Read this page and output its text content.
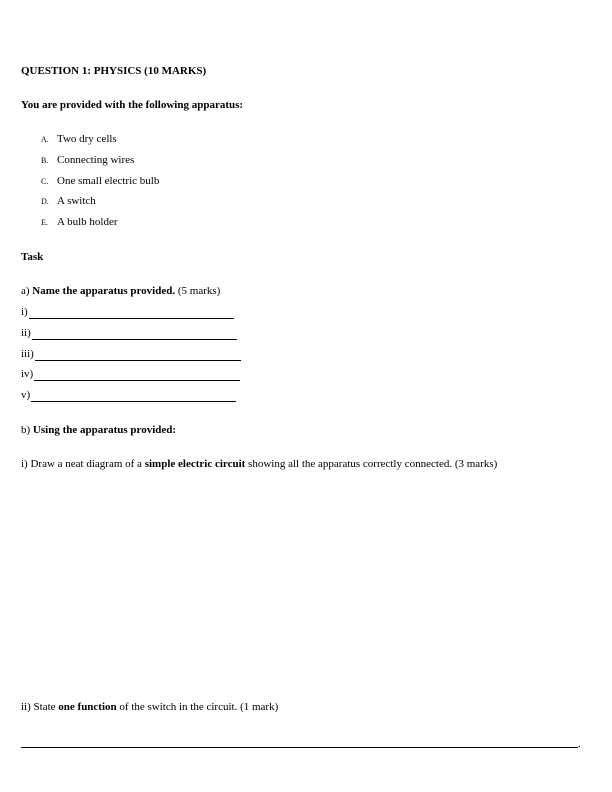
QUESTION 1: PHYSICS (10 MARKS)
You are provided with the following apparatus:
A. Two dry cells
B. Connecting wires
C. One small electric bulb
D. A switch
E. A bulb holder
Task
a) Name the apparatus provided. (5 marks)
i)
ii)
iii)
iv)
v)
b) Using the apparatus provided:
i) Draw a neat diagram of a simple electric circuit showing all the apparatus correctly connected. (3 marks)
ii) State one function of the switch in the circuit. (1 mark)
.
